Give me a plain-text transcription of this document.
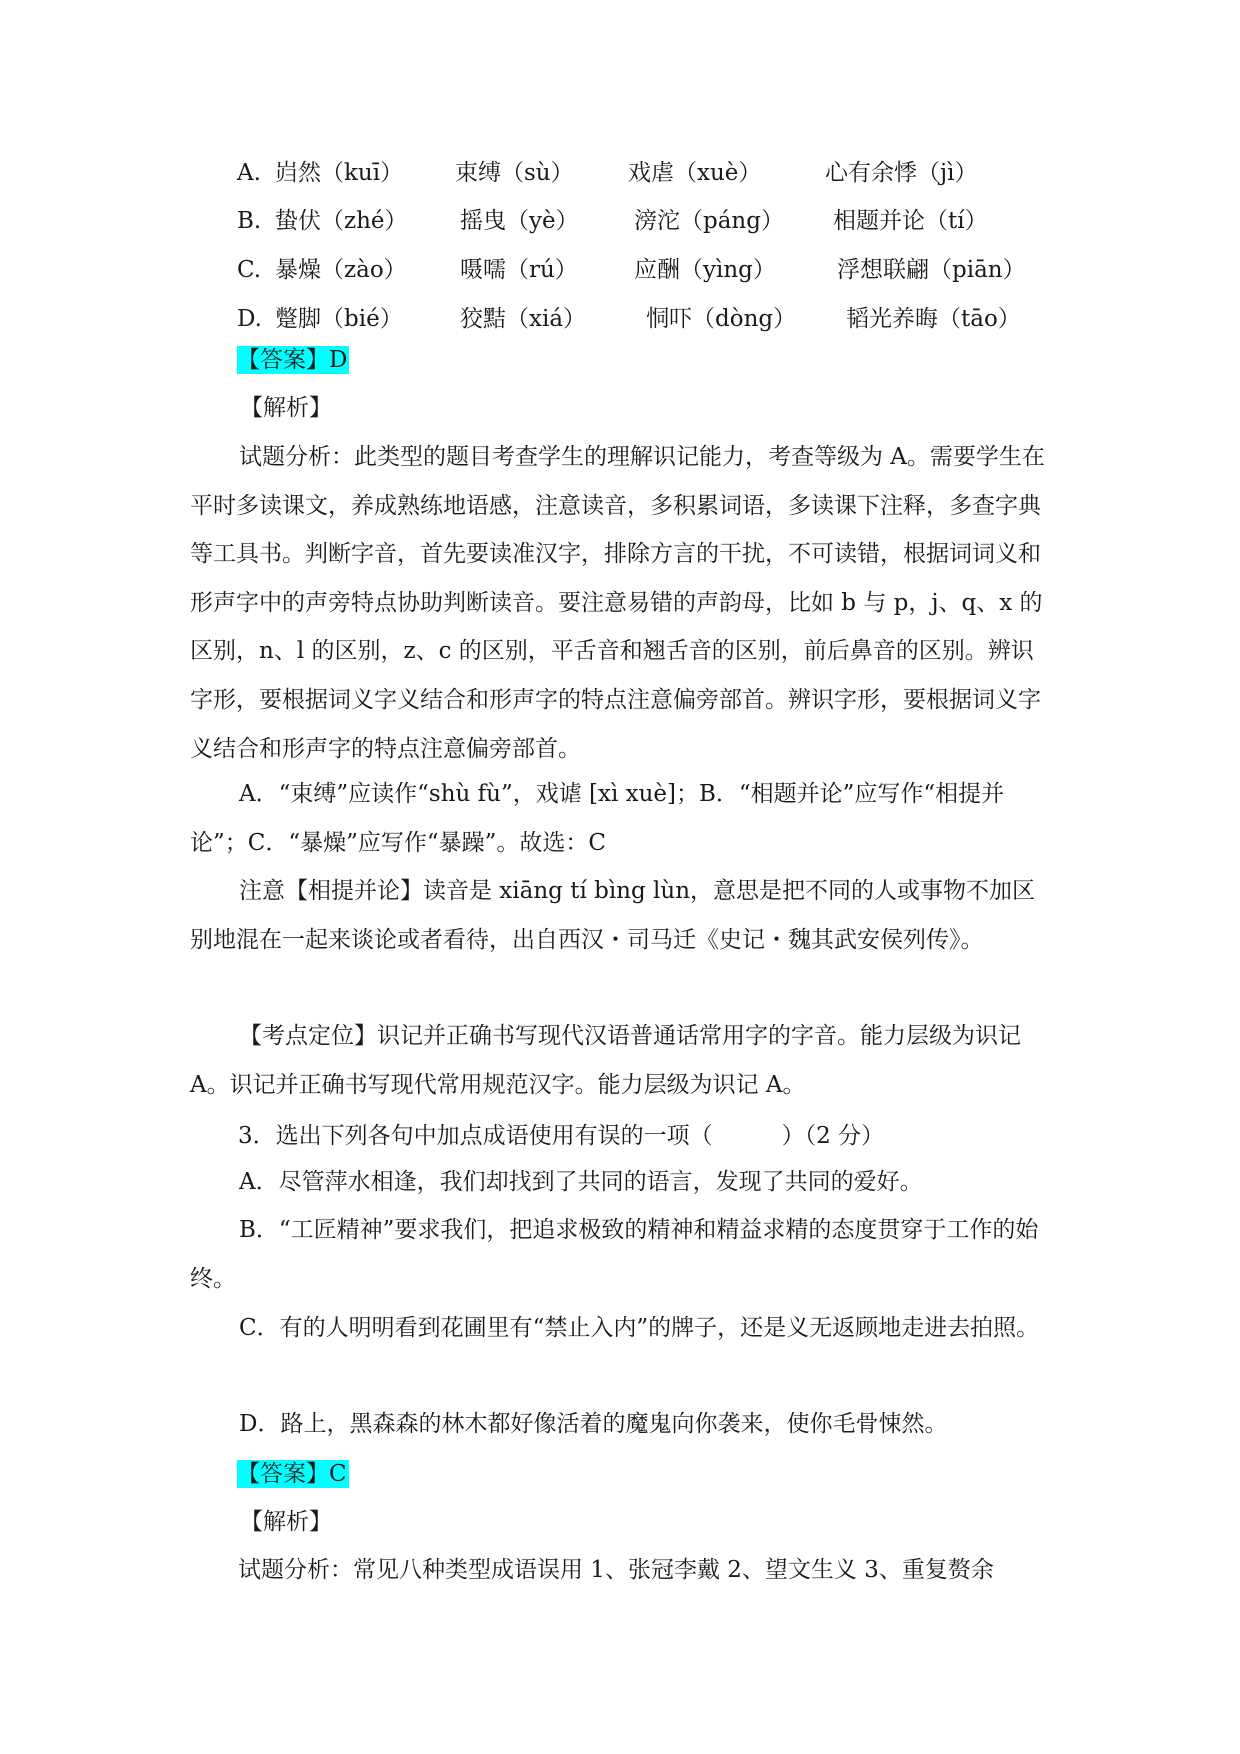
A. 岿然（kuī） 束缚（sù） 戏虐（xuè）	心有余悸（jì）
B. 蛰伏（zhé） 摇曳（yè） 滂沱（páng） 相题并论（tí）
C. 暴燥（zào） 嗫嚅（rú） 应酬（yìng）	浮想联翩（piān）
D. 蹩脚（bié） 狡黠（xiá）	恫吓（dòng） 韬光养晦（tāo）
【答案】D
【解析】

试题分析：此类型的题目考查学生的理解识记能力，考查等级为 A。需要学生在平时多读课文，养成熟练地语感，注意读音，多积累词语，多读课下注释，多查字典等工具书。判断字音，首先要读准汉字，排除方言的干扰，不可读错，根据词词义和形声字中的声旁特点协助判断读音。要注意易错的声韵母，比如 b 与 p，j、q、x 的区别，n、l 的区别，z、c 的区别，平舌音和翘舌音的区别，前后鼻音的区别。辨识字形，要根据词义字义结合和形声字的特点注意偏旁部首。辨识字形，要根据词义字义结合和形声字的特点注意偏旁部首。

A．“束缚”应读作“shù fù”，戏谑 [xì xuè]；B．“相题并论”应写作“相提并论”；C．“暴燥”应写作“暴躁”。故选：C

注意【相提并论】读音是 xiāng tí bìng lùn，意思是把不同的人或事物不加区别地混在一起来谈论或者看待，出自西汉・司马迁《史记・魏其武安侯列传》。

【考点定位】识记并正确书写现代汉语普通话常用字的字音。能力层级为识记 A。识记并正确书写现代常用规范汉字。能力层级为识记 A。

3．选出下列各句中加点成语使用有误的一项（　　　）（2 分）

A．尽管萍水相逢，我们却找到了共同的语言，发现了共同的爱好。

B．“工匠精神”要求我们，把追求极致的精神和精益求精的态度贯穿于工作的始终。

C．有的人明明看到花圃里有“禁止入内”的牌子，还是义无返顾地走进去拍照。

D．路上，黑森森的林木都好像活着的魔鬼向你袭来，使你毛骨悚然。

【答案】C
【解析】
试题分析：常见八种类型成语误用 1、张冠李戴 2、望文生义 3、重复赘余
